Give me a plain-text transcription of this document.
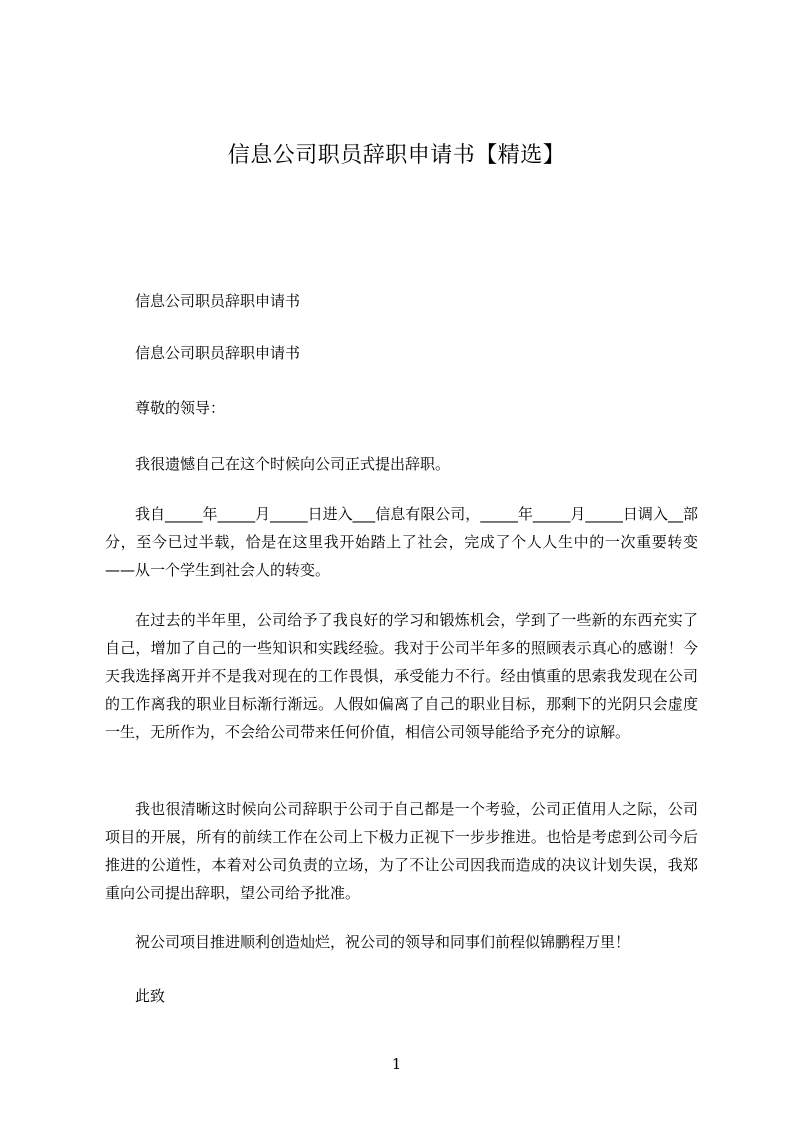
信息公司职员辞职申请书【精选】

信息公司职员辞职申请书

信息公司职员辞职申请书

尊敬的领导：

我很遗憾自己在这个时候向公司正式提出辞职。

我自_____年_____月_____日进入___信息有限公司，_____年_____月_____日调入__部分，至今已过半载，恰是在这里我开始踏上了社会，完成了个人人生中的一次重要转变——从一个学生到社会人的转变。

在过去的半年里，公司给予了我良好的学习和锻炼机会，学到了一些新的东西充实了自己，增加了自己的一些知识和实践经验。我对于公司半年多的照顾表示真心的感谢！今天我选择离开并不是我对现在的工作畏惧，承受能力不行。经由慎重的思索我发现在公司的工作离我的职业目标渐行渐远。人假如偏离了自己的职业目标，那剩下的光阴只会虚度一生，无所作为，不会给公司带来任何价值，相信公司领导能给予充分的谅解。

我也很清晰这时候向公司辞职于公司于自己都是一个考验，公司正值用人之际，公司项目的开展，所有的前续工作在公司上下极力正视下一步步推进。也恰是考虑到公司今后推进的公道性，本着对公司负责的立场，为了不让公司因我而造成的决议计划失误，我郑重向公司提出辞职，望公司给予批准。

祝公司项目推进顺利创造灿烂，祝公司的领导和同事们前程似锦鹏程万里！

此致

1
